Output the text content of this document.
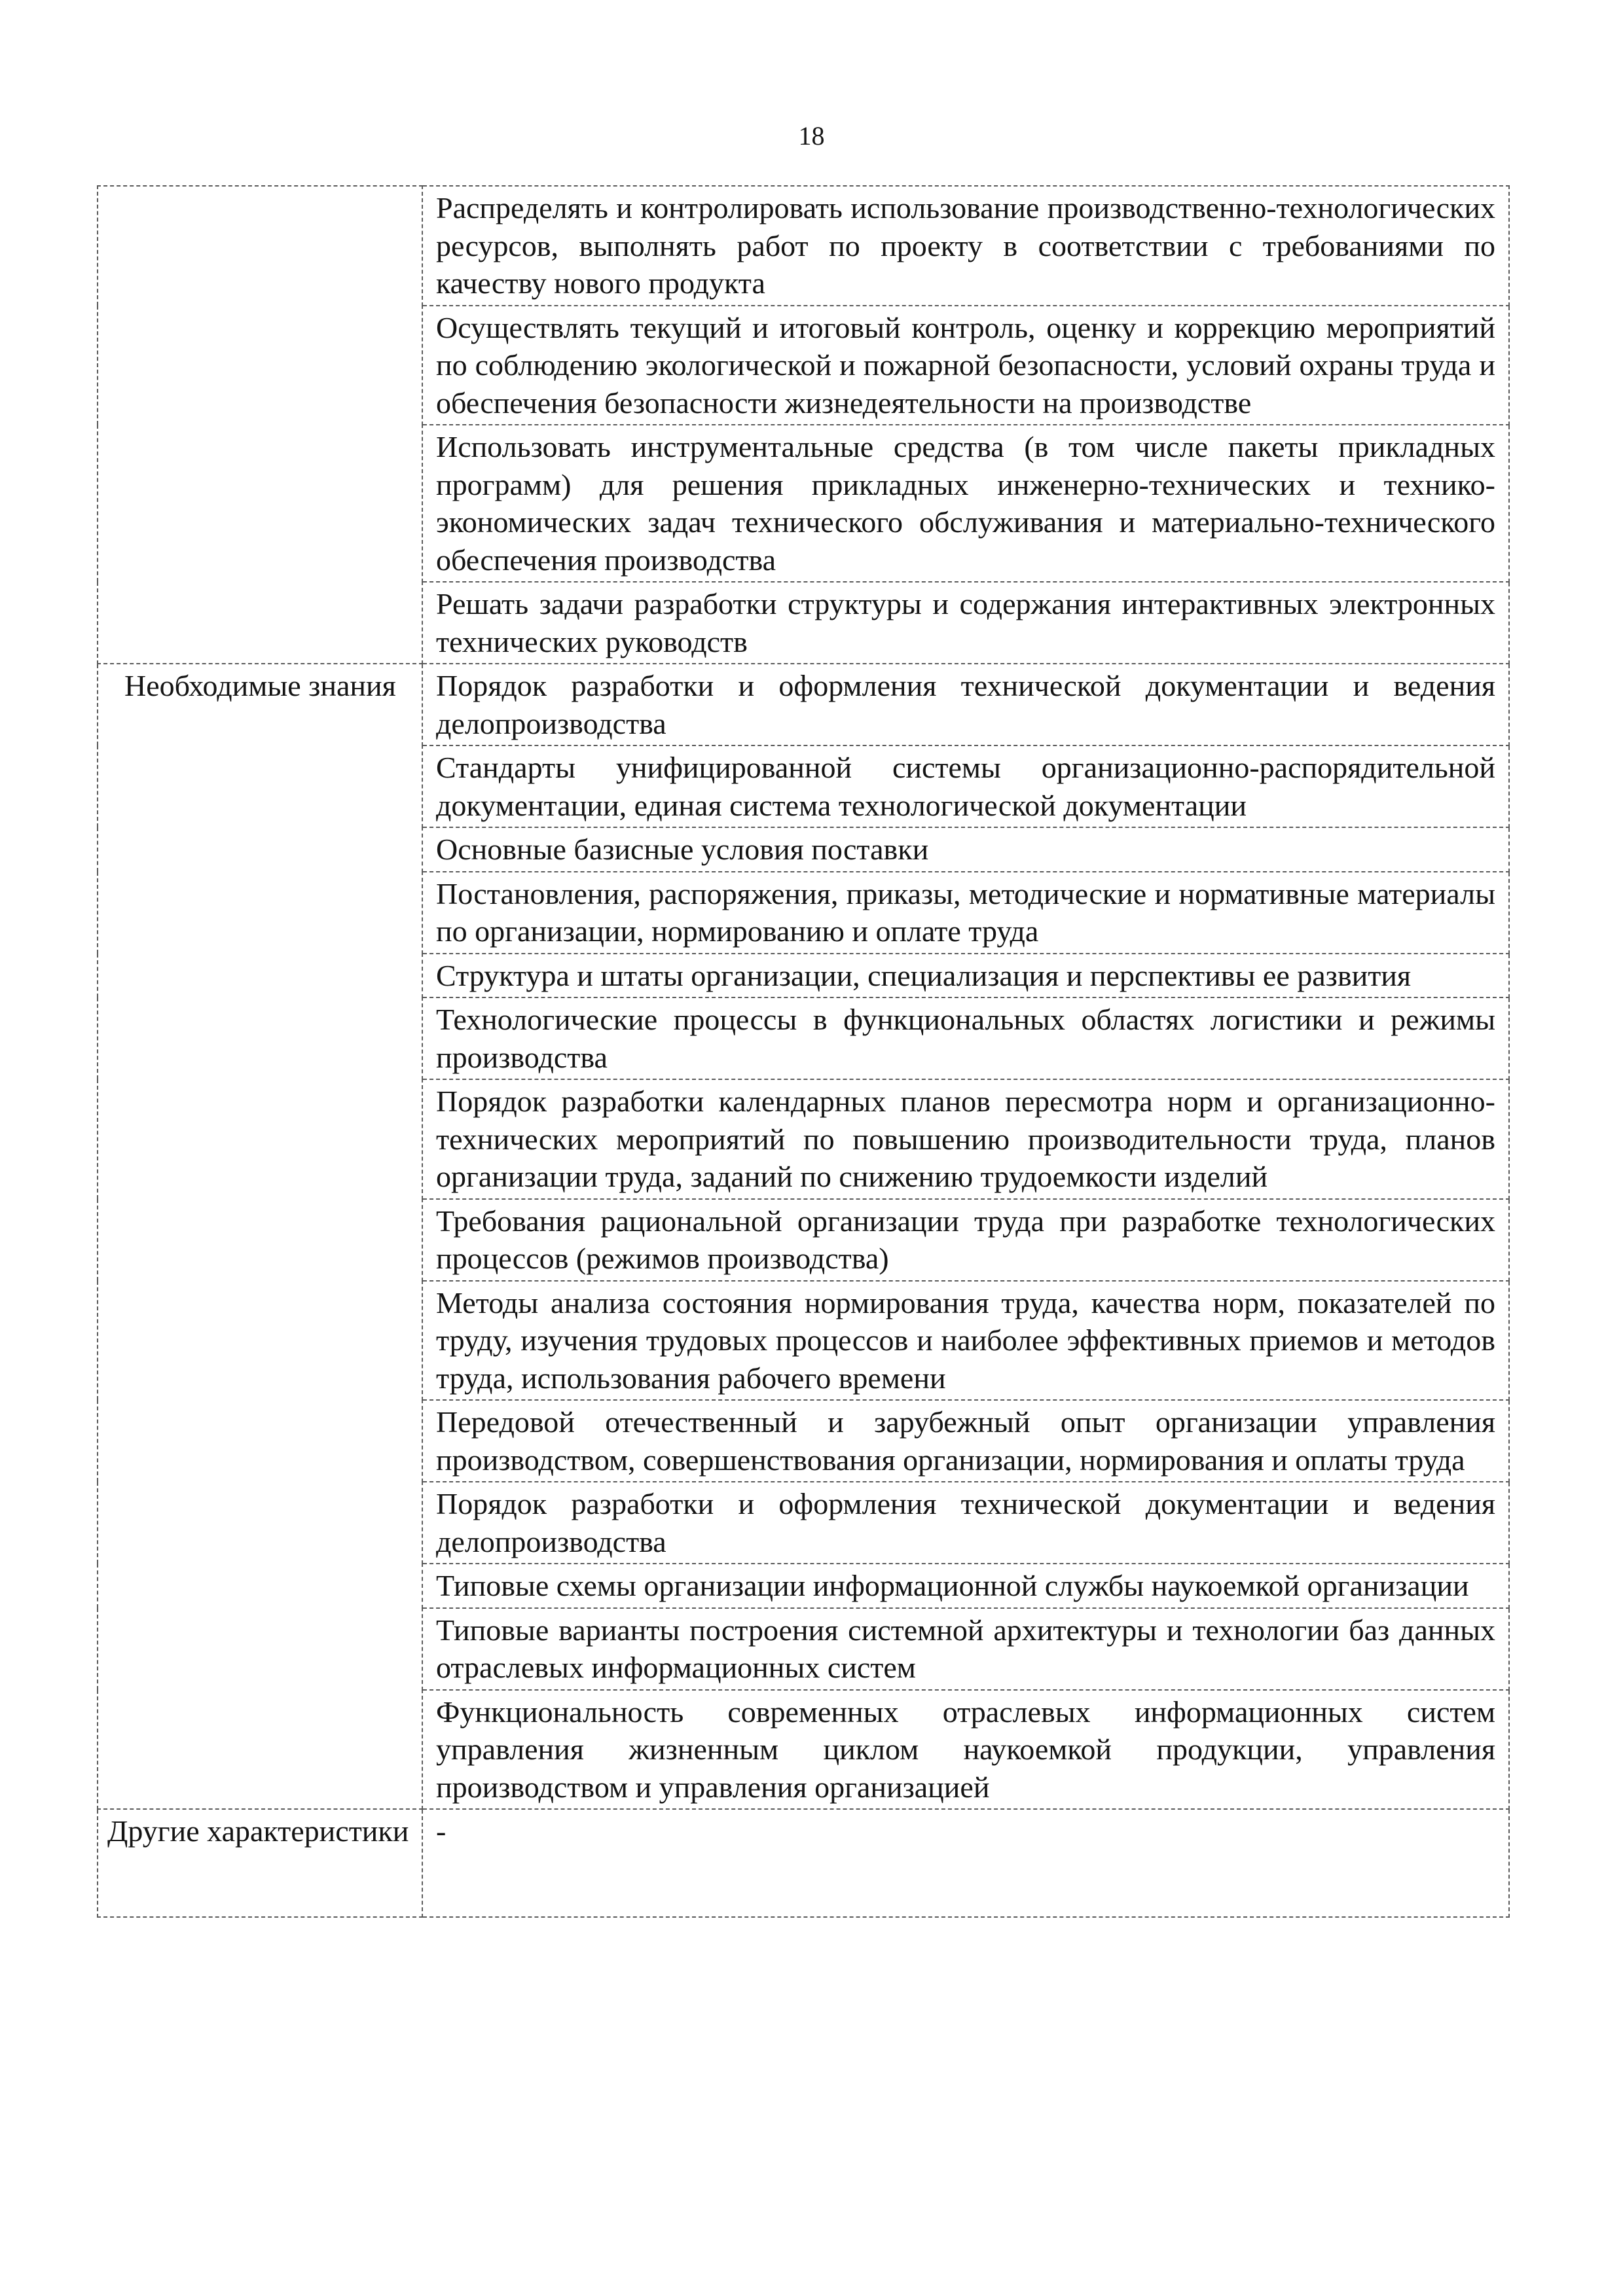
18
	Распределять и контролировать использование производственно-технологических ресурсов, выполнять работ по проекту в соответствии с требованиями по качеству нового продукта
	Осуществлять текущий и итоговый контроль, оценку и коррекцию мероприятий по соблюдению экологической и пожарной безопасности, условий охраны труда и обеспечения безопасности жизнедеятельности на производстве
	Использовать инструментальные средства (в том числе пакеты прикладных программ) для решения прикладных инженерно-технических и технико-экономических задач технического обслуживания и материально-технического обеспечения производства
	Решать задачи разработки структуры и содержания интерактивных электронных технических руководств
Необходимые знания	Порядок разработки и оформления технической документации и ведения делопроизводства
	Стандарты унифицированной системы организационно-распорядительной документации, единая система технологической документации
	Основные базисные условия поставки
	Постановления, распоряжения, приказы, методические и нормативные материалы по организации, нормированию и оплате труда
	Структура и штаты организации, специализация и перспективы ее развития
	Технологические процессы в функциональных областях логистики и режимы производства
	Порядок разработки календарных планов пересмотра норм и организационно-технических мероприятий по повышению производительности труда, планов организации труда, заданий по снижению трудоемкости изделий
	Требования рациональной организации труда при разработке технологических процессов (режимов производства)
	Методы анализа состояния нормирования труда, качества норм, показателей по труду, изучения трудовых процессов и наиболее эффективных приемов и методов труда, использования рабочего времени
	Передовой отечественный и зарубежный опыт организации управления производством, совершенствования организации, нормирования и оплаты труда
	Порядок разработки и оформления технической документации и ведения делопроизводства
	Типовые схемы организации информационной службы наукоемкой организации
	Типовые варианты построения системной архитектуры и технологии баз данных отраслевых информационных систем
	Функциональность современных отраслевых информационных систем управления жизненным циклом наукоемкой продукции, управления производством и управления организацией
Другие характеристики	-
